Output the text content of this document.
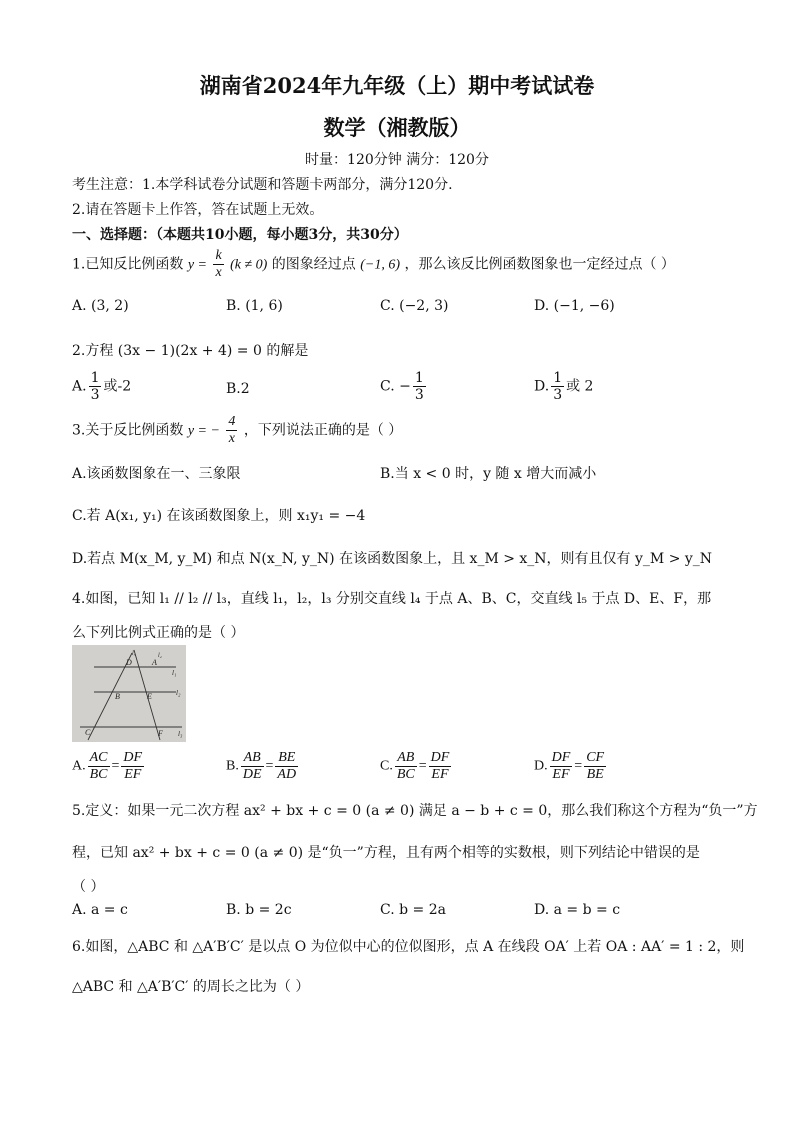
湖南省2024年九年级（上）期中考试试卷
数学（湘教版）
时量：120分钟 满分：120分
考生注意：1.本学科试卷分试题和答题卡两部分，满分120分.
2.请在答题卡上作答，答在试题上无效。
一、选择题：（本题共10小题，每小题3分，共30分）
1.已知反比例函数 $y = \frac{k}{x} (k \ne 0)$ 的图象经过点 (−1, 6) ，那么该反比例函数图象也一定经过点（ ）
A. (3, 2)	B. (1, 6)	C. (−2, 3)	D. (−1, −6)
2.方程 (3x − 1)(2x + 4) = 0 的解是
A. $\frac{1}{3}$ 或-2	B.2	C. − $\frac{1}{3}$	D. $\frac{1}{3}$ 或 2
3.关于反比例函数 y = − $\frac{4}{x}$ ，下列说法正确的是（ ）
A.该函数图象在一、三象限	B.当 x < 0 时，y 随 x 增大而减小
C.若 A(x₁, y₁) 在该函数图象上，则 x₁y₁ = −4
D.若点 M(x_M, y_M) 和点 N(x_N, y_N) 在该函数图象上，且 x_M > x_N，则有且仅有 y_M > y_N
4.如图，已知 l₁ // l₂ // l₃，直线 l₁，l₂，l₃ 分别交直线 l₄ 于点 A、B、C，交直线 l₅ 于点 D、E、F，那
么下列比例式正确的是（ ）
l₅	l₄
l₁
l₂
l₃
D	A
B	E
C	F
A. $\frac{AC}{BC} = \frac{DF}{EF}$	B. $\frac{AB}{DE} = \frac{BE}{AD}$	C. $\frac{AB}{BC} = \frac{DF}{EF}$	D. $\frac{DF}{EF} = \frac{CF}{BE}$
5.定义：如果一元二次方程 ax² + bx + c = 0 (a ≠ 0) 满足 a − b + c = 0，那么我们称这个方程为“负一”方
程，已知 ax² + bx + c = 0 (a ≠ 0) 是“负一”方程，且有两个相等的实数根，则下列结论中错误的是
（ ）
A. a = c	B. b = 2c	C. b = 2a	D. a = b = c
6.如图，△ABC 和 △A′B′C′ 是以点 O 为位似中心的位似图形，点 A 在线段 OA′ 上若 OA : AA′ = 1 : 2，则
△ABC 和 △A′B′C′ 的周长之比为（ ）
